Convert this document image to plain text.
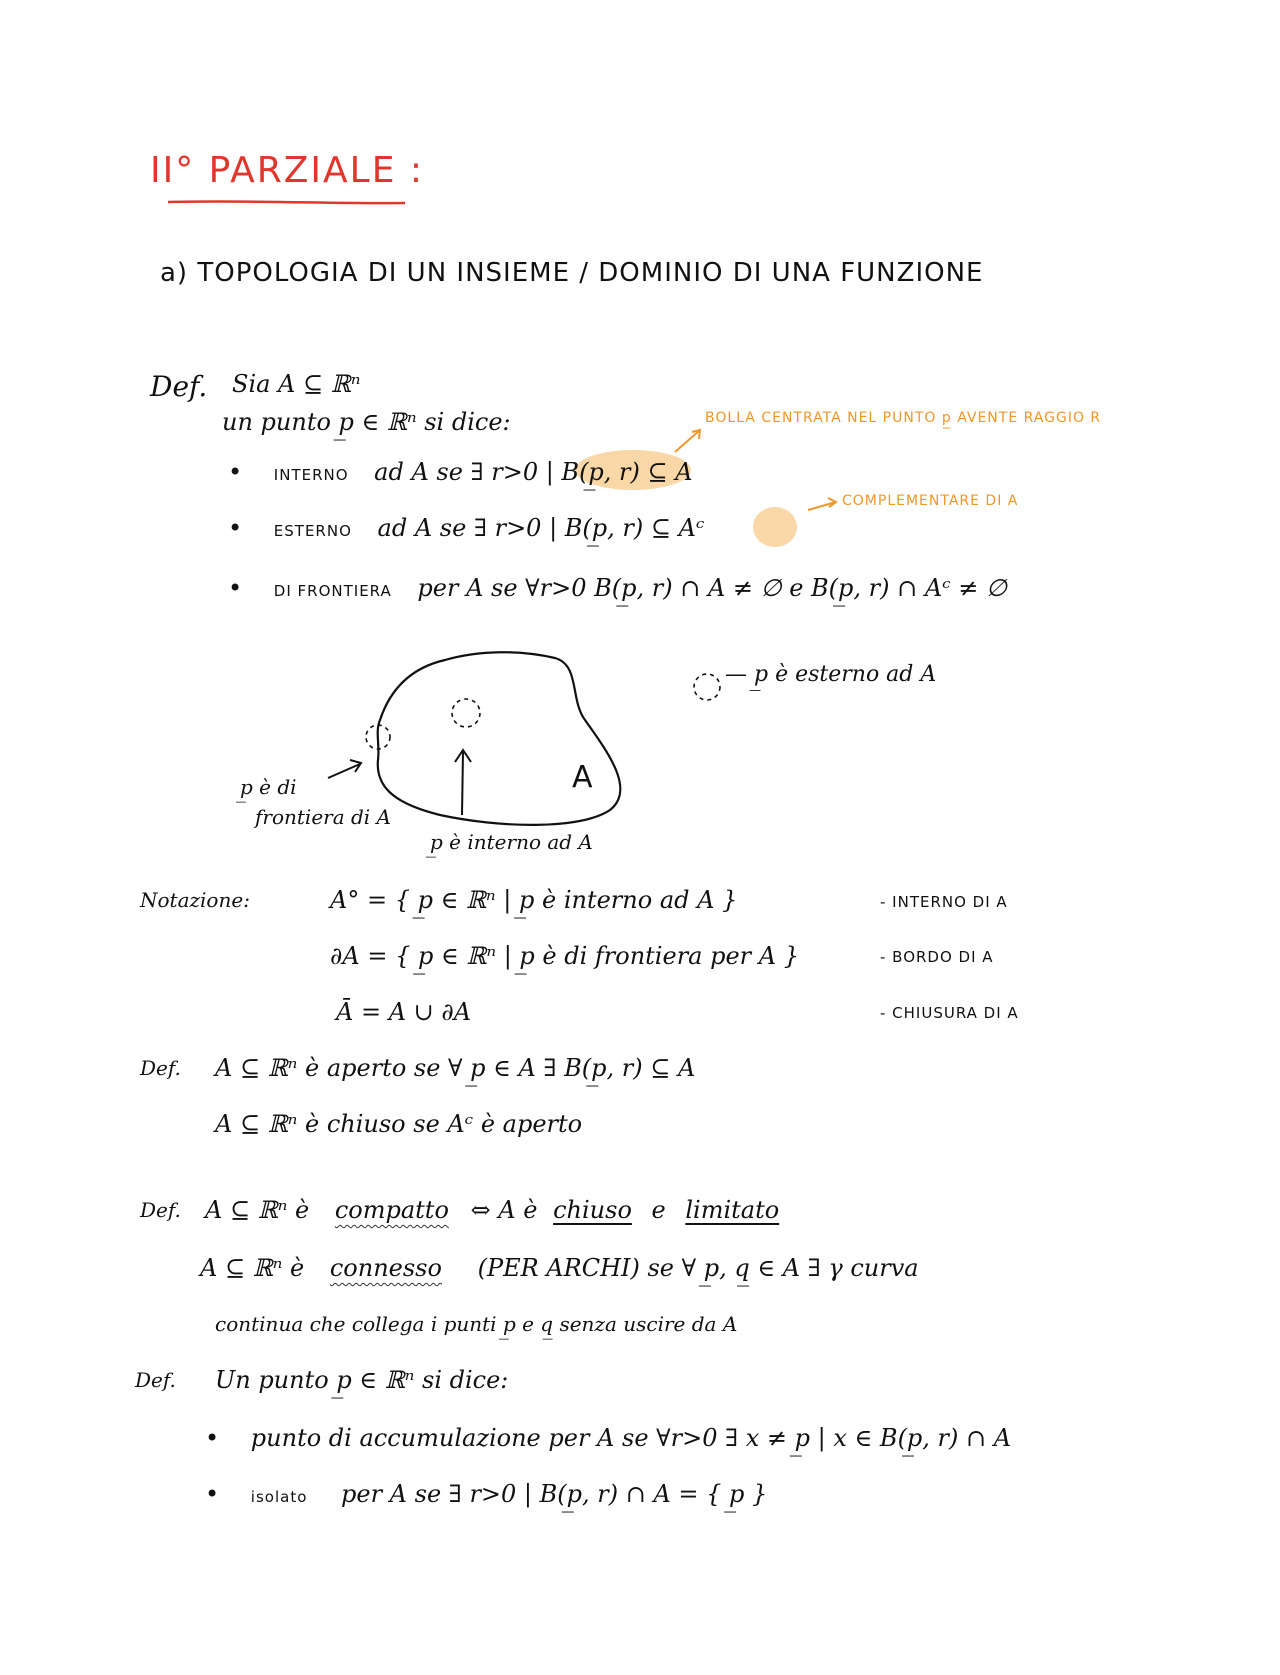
II° PARZIALE :
a) TOPOLOGIA DI UN INSIEME / DOMINIO DI UNA FUNZIONE
Def. Sia A ⊆ ℝⁿ
un punto p̲ ∈ ℝⁿ si dice:	BOLLA CENTRATA NEL PUNTO p̲ AVENTE RAGGIO R
COMPLEMENTARE DI A
• INTERNO ad A se ∃ r>0 | B(p̲, r) ⊆ A
• ESTERNO ad A se ∃ r>0 | B(p̲, r) ⊆ Aᶜ
• DI FRONTIERA per A se ∀r>0 B(p̲, r) ∩ A ≠ ∅ e B(p̲, r) ∩ Aᶜ ≠ ∅
A
— p̲ è esterno ad A
p̲ è di
frontiera di A
p̲ è interno ad A
Notazione:	A° = { p̲ ∈ ℝⁿ | p̲ è interno ad A }	- INTERNO DI A
∂A = { p̲ ∈ ℝⁿ | p̲ è di frontiera per A }	- BORDO DI A
Ā = A ∪ ∂A	- CHIUSURA DI A
Def. A ⊆ ℝⁿ è aperto se ∀ p̲ ∈ A ∃ B(p̲, r) ⊆ A
A ⊆ ℝⁿ è chiuso se Aᶜ è aperto
Def. A ⊆ ℝⁿ è compatto ⇔ A è chiuso e limitato
A ⊆ ℝⁿ è connesso (PER ARCHI) se ∀ p̲, q̲ ∈ A ∃ γ curva
continua che collega i punti p̲ e q̲ senza uscire da A
Def. Un punto p̲ ∈ ℝⁿ si dice:
• punto di accumulazione per A se ∀r>0 ∃ x ≠ p̲ | x ∈ B(p̲, r) ∩ A
• isolato per A se ∃ r>0 | B(p̲, r) ∩ A = { p̲ }
